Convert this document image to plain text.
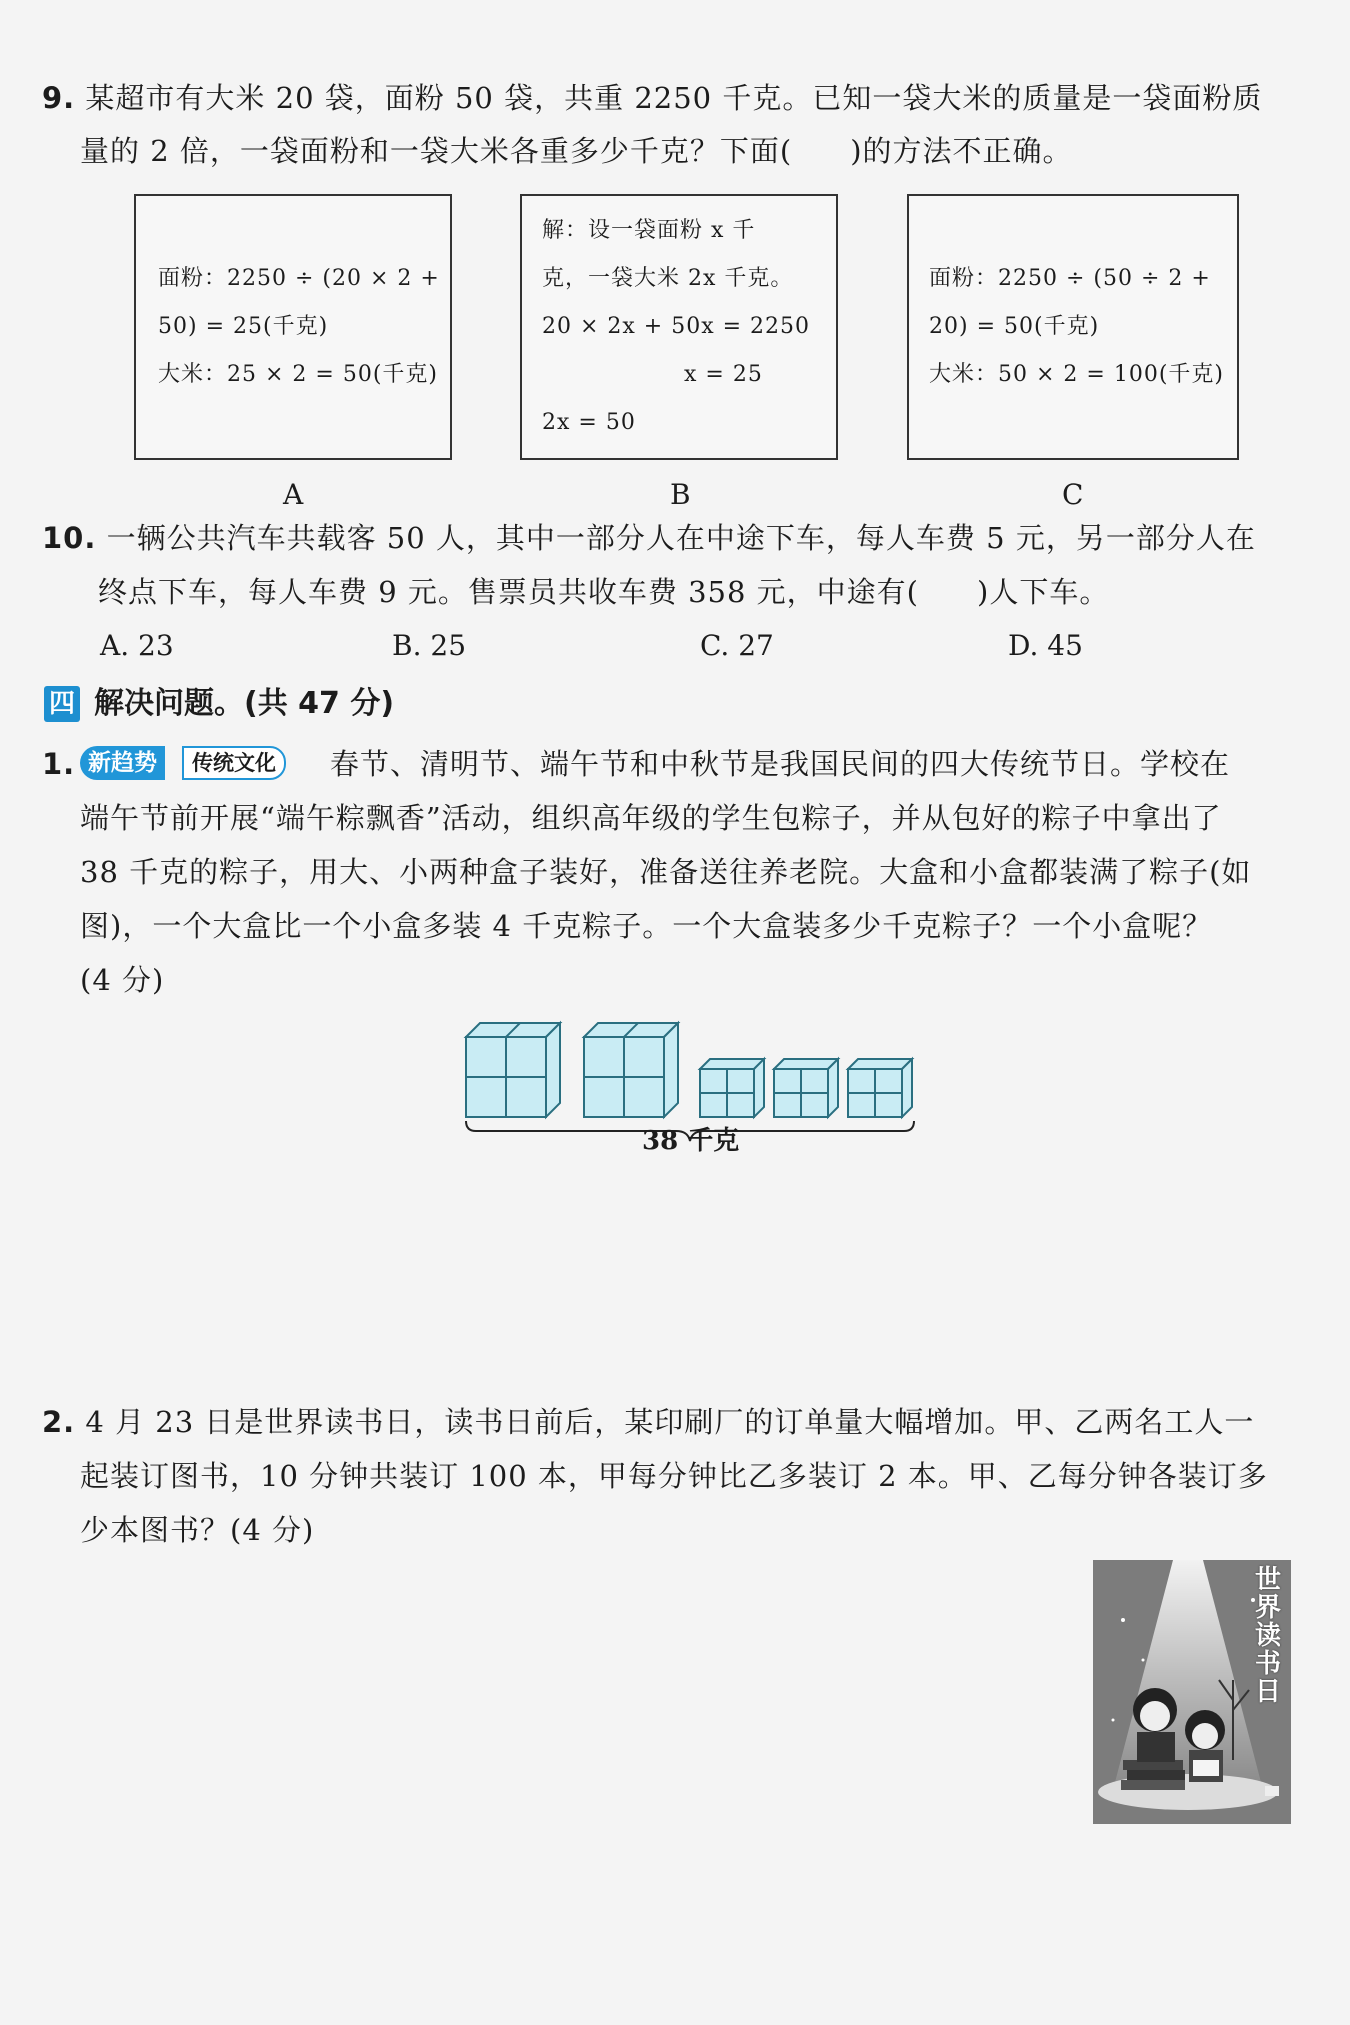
9. 某超市有大米 20 袋，面粉 50 袋，共重 2250 千克。已知一袋大米的质量是一袋面粉质
量的 2 倍，一袋面粉和一袋大米各重多少千克？下面( )的方法不正确。
面粉：2250 ÷ (20 × 2 +
50) = 25(千克)
大米：25 × 2 = 50(千克)
A
解：设一袋面粉 x 千
克，一袋大米 2x 千克。
20 × 2x + 50x = 2250
x = 25
2x = 50
B
面粉：2250 ÷ (50 ÷ 2 +
20) = 50(千克)
大米：50 × 2 = 100(千克)
C
10. 一辆公共汽车共载客 50 人，其中一部分人在中途下车，每人车费 5 元，另一部分人在
终点下车，每人车费 9 元。售票员共收车费 358 元，中途有( )人下车。
A. 23	B. 25	C. 27	D. 45
四 解决问题。(共 47 分)
1. 新趋势	传统文化	春节、清明节、端午节和中秋节是我国民间的四大传统节日。学校在
端午节前开展“端午粽飘香”活动，组织高年级的学生包粽子，并从包好的粽子中拿出了
38 千克的粽子，用大、小两种盒子装好，准备送往养老院。大盒和小盒都装满了粽子(如
图)，一个大盒比一个小盒多装 4 千克粽子。一个大盒装多少千克粽子？一个小盒呢？
(4 分)
38 千克
2. 4 月 23 日是世界读书日，读书日前后，某印刷厂的订单量大幅增加。甲、乙两名工人一
起装订图书，10 分钟共装订 100 本，甲每分钟比乙多装订 2 本。甲、乙每分钟各装订多
少本图书？(4 分)
世界读书日
